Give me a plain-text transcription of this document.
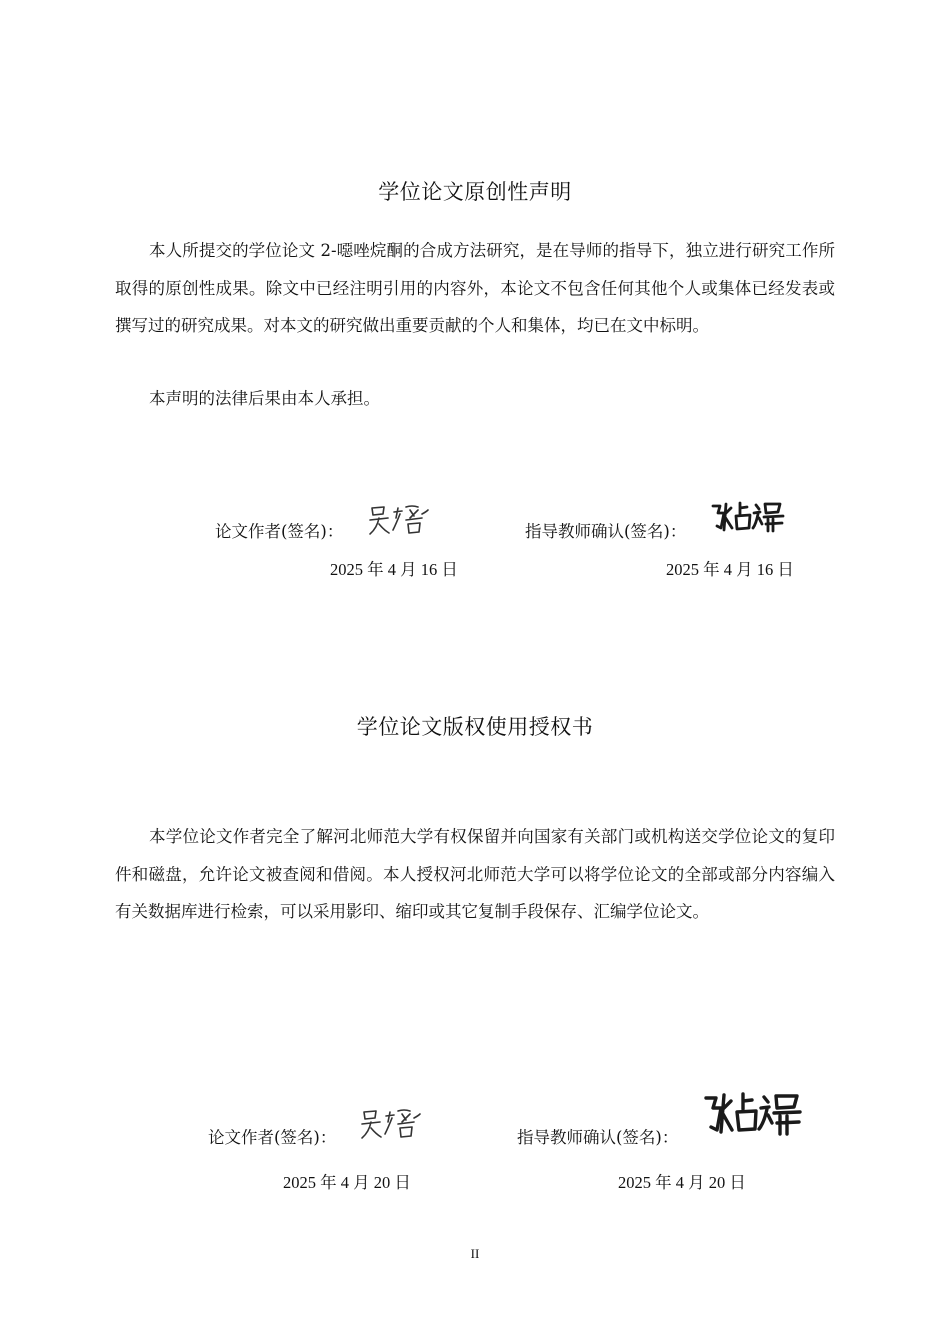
学位论文原创性声明

本人所提交的学位论文 2-噁唑烷酮的合成方法研究，是在导师的指导下，独立进行研究工作所取得的原创性成果。除文中已经注明引用的内容外，本论文不包含任何其他个人或集体已经发表或撰写过的研究成果。对本文的研究做出重要贡献的个人和集体，均已在文中标明。

本声明的法律后果由本人承担。

论文作者(签名)：	指导教师确认(签名)：
2025 年 4 月 16 日	2025 年 4 月 16 日
学位论文版权使用授权书

本学位论文作者完全了解河北师范大学有权保留并向国家有关部门或机构送交学位论文的复印件和磁盘，允许论文被查阅和借阅。本人授权河北师范大学可以将学位论文的全部或部分内容编入有关数据库进行检索，可以采用影印、缩印或其它复制手段保存、汇编学位论文。

论文作者(签名)：	指导教师确认(签名)：
2025 年 4 月 20 日	2025 年 4 月 20 日
II
